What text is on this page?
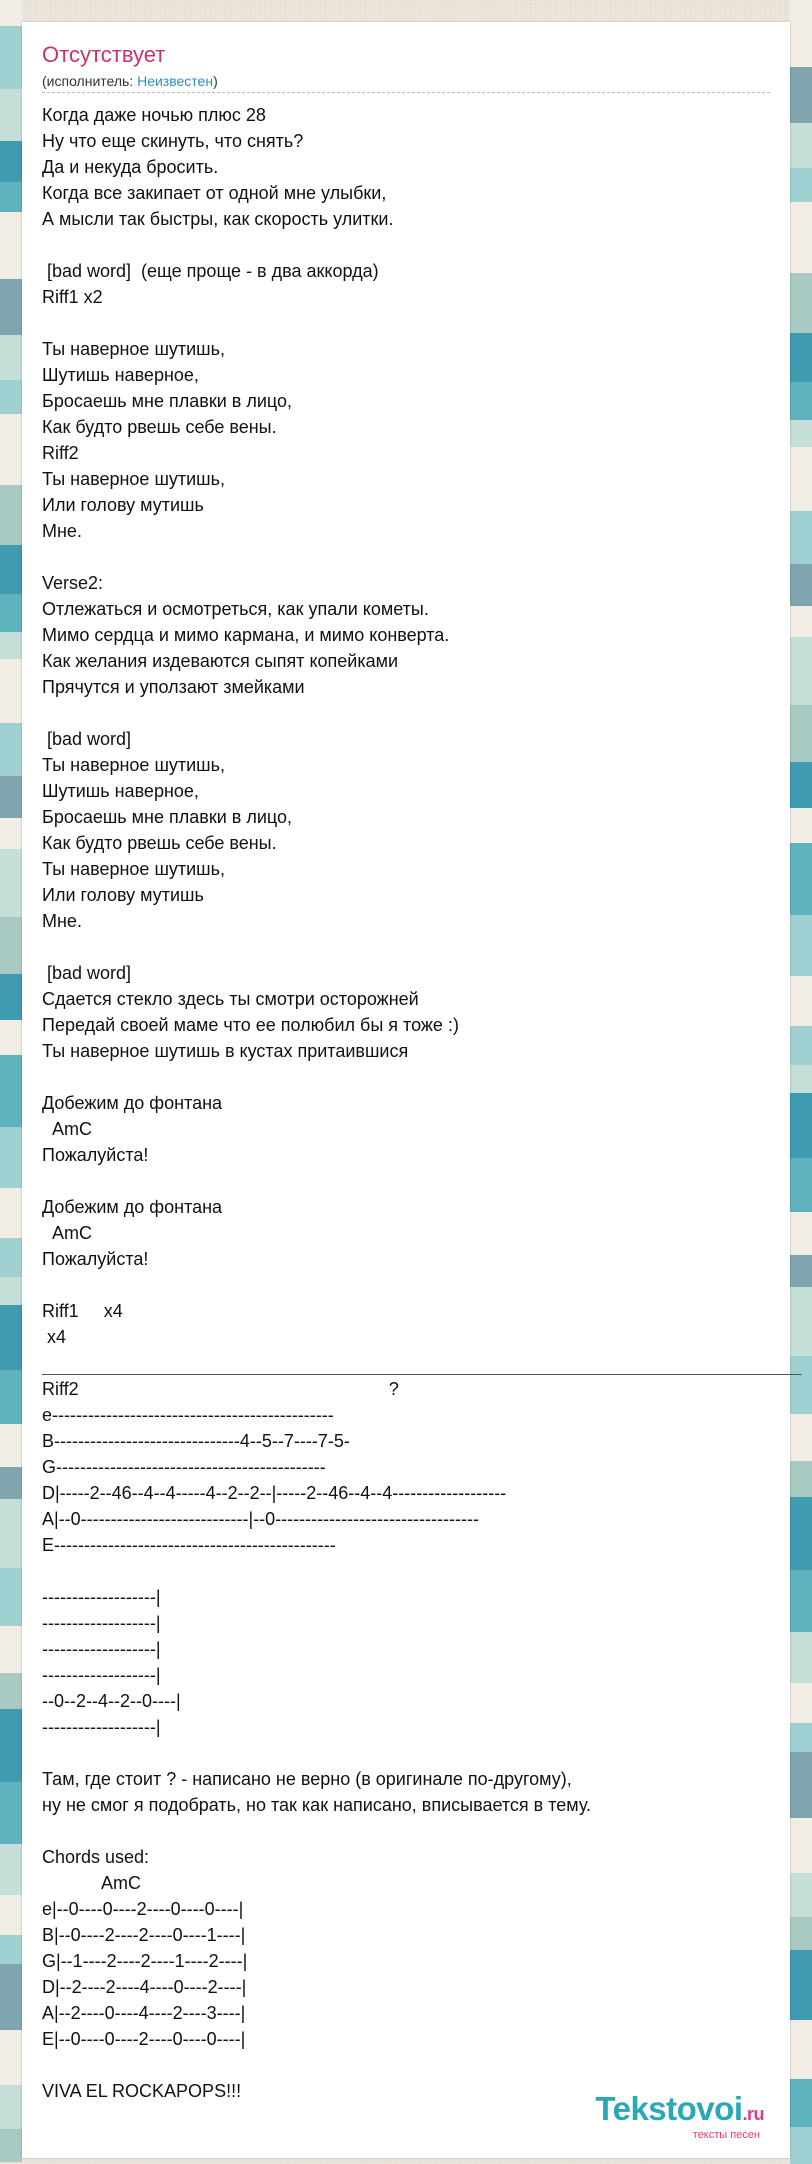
Отсутствует
(исполнитель: Неизвестен)
Когда даже ночью плюс 28
Ну что еще скинуть, что снять?
Да и некуда бросить.
Когда все закипает от одной мне улыбки,
А мысли так быстры, как скорость улитки.

[bad word]  (еще проще - в два аккорда)
Riff1 x2

Ты наверное шутишь,
Шутишь наверное,
Бросаешь мне плавки в лицо,
Как будто рвешь себе вены.
Riff2
Ты наверное шутишь,
Или голову мутишь
Мне.

Verse2:
Отлежаться и осмотреться, как упали кометы.
Мимо сердца и мимо кармана, и мимо конверта.
Как желания издеваются сыпят копейками
Прячутся и уползают змейками

[bad word]
Ты наверное шутишь,
Шутишь наверное,
Бросаешь мне плавки в лицо,
Как будто рвешь себе вены.
Ты наверное шутишь,
Или голову мутишь
Мне.

[bad word]
Сдается стекло здесь ты смотри осторожней
Передай своей маме что ее полюбил бы я тоже :)
Ты наверное шутишь в кустах притаившися

Добежим до фонтана
AmC
Пожалуйста!

Добежим до фонтана
AmC
Пожалуйста!

Riff1     x4
x4

Riff2                                                              ?
e-----------------------------------------------
B-------------------------------4--5--7----7-5-
G---------------------------------------------
D|-----2--46--4--4-----4--2--2--|-----2--46--4--4-------------------
A|--0----------------------------|--0----------------------------------
E-----------------------------------------------

-------------------|
-------------------|
-------------------|
-------------------|
--0--2--4--2--0----|
-------------------|

Там, где стоит ? - написано не верно (в оригинале по-другому),
ну не смог я подобрать, но так как написано, вписывается в тему.

Chords used:
AmC
e|--0----0----2----0----0----|
B|--0----2----2----0----1----|
G|--1----2----2----1----2----|
D|--2----2----4----0----2----|
A|--2----0----4----2----3----|
E|--0----0----2----0----0----|

VIVA EL ROCKAPOPS!!!	Tekstovoi.ru
тексты песен
